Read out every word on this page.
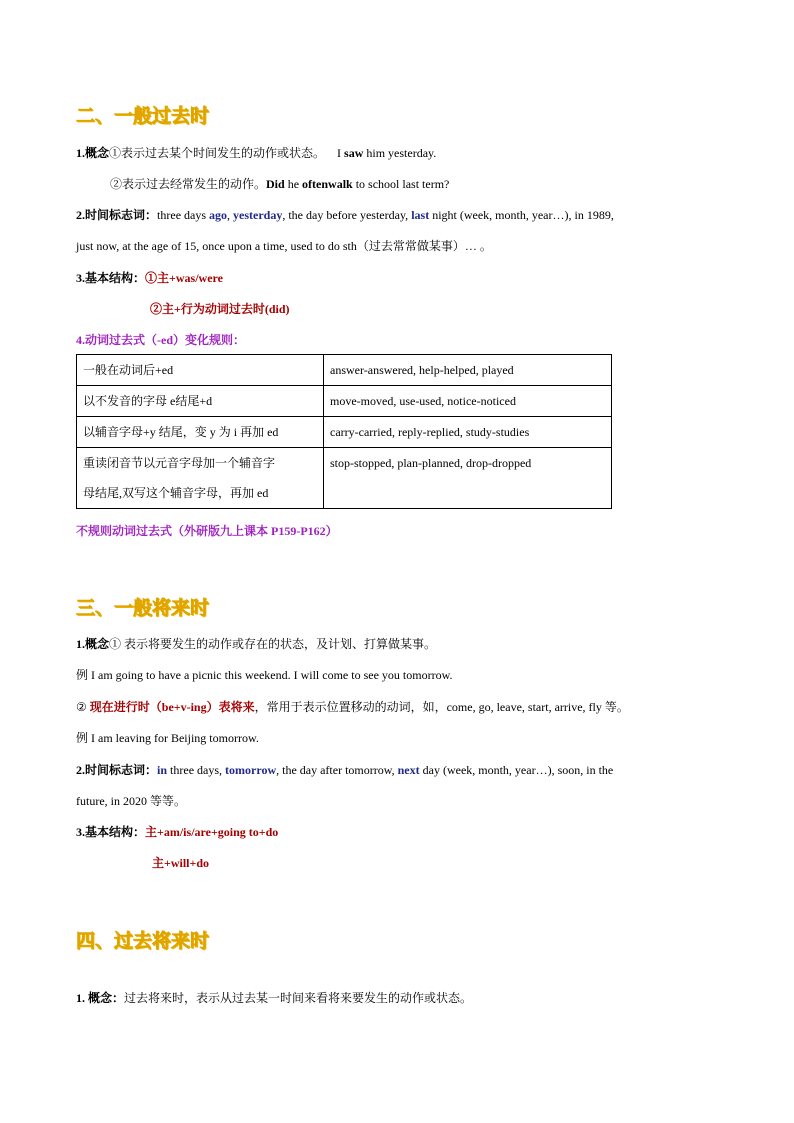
二、一般过去时
1.概念①表示过去某个时间发生的动作或状态。 I saw him yesterday.
②表示过去经常发生的动作。Did he oftenwalk to school last term?
2.时间标志词：three days ago, yesterday, the day before yesterday, last night (week, month, year…), in 1989,
just now, at the age of 15, once upon a time, used to do sth（过去常常做某事）… 。
3.基本结构：①主+was/were
②主+行为动词过去时(did)
4.动词过去式（-ed）变化规则：
一般在动词后+ed	answer-answered, help-helped, played
以不发音的字母 e结尾+d	move-moved, use-used, notice-noticed
以辅音字母+y 结尾，变 y 为 i 再加 ed	carry-carried, reply-replied, study-studies

重读闭音节以元音字母加一个辅音字
母结尾,双写这个辅音字母，再加 ed	stop-stopped, plan-planned, drop-dropped
不规则动词过去式（外研版九上课本 P159-P162）
三、一般将来时
1.概念① 表示将要发生的动作或存在的状态，及计划、打算做某事。
例 I am going to have a picnic this weekend. I will come to see you tomorrow.
② 现在进行时（be+v-ing）表将来，常用于表示位置移动的动词，如，come, go, leave, start, arrive, fly 等。
例 I am leaving for Beijing tomorrow.
2.时间标志词：in three days, tomorrow, the day after tomorrow, next day (week, month, year…), soon, in the
future, in 2020 等等。
3.基本结构：主+am/is/are+going to+do
主+will+do
四、过去将来时
1. 概念：过去将来时，表示从过去某一时间来看将来要发生的动作或状态。
